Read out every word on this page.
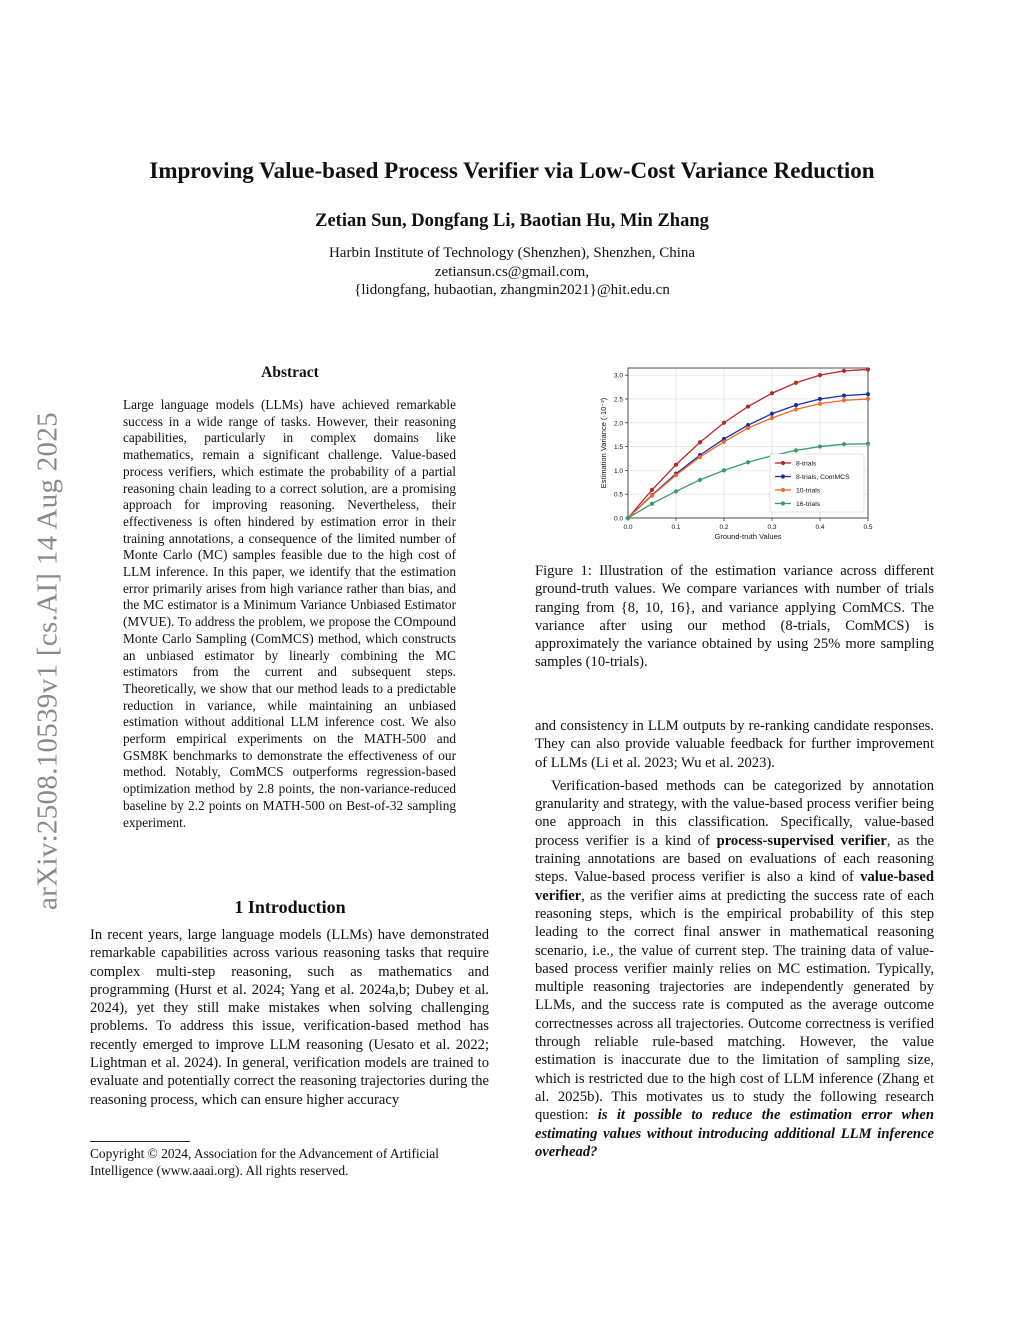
Improving Value-based Process Verifier via Low-Cost Variance Reduction
Zetian Sun, Dongfang Li, Baotian Hu, Min Zhang
Harbin Institute of Technology (Shenzhen), Shenzhen, China
zetiansun.cs@gmail.com,
{lidongfang, hubaotian, zhangmin2021}@hit.edu.cn
arXiv:2508.10539v1 [cs.AI] 14 Aug 2025
Abstract
Large language models (LLMs) have achieved remarkable success in a wide range of tasks. However, their reasoning capabilities, particularly in complex domains like mathematics, remain a significant challenge. Value-based process verifiers, which estimate the probability of a partial reasoning chain leading to a correct solution, are a promising approach for improving reasoning. Nevertheless, their effectiveness is often hindered by estimation error in their training annotations, a consequence of the limited number of Monte Carlo (MC) samples feasible due to the high cost of LLM inference. In this paper, we identify that the estimation error primarily arises from high variance rather than bias, and the MC estimator is a Minimum Variance Unbiased Estimator (MVUE). To address the problem, we propose the COmpound Monte Carlo Sampling (ComMCS) method, which constructs an unbiased estimator by linearly combining the MC estimators from the current and subsequent steps. Theoretically, we show that our method leads to a predictable reduction in variance, while maintaining an unbiased estimation without additional LLM inference cost. We also perform empirical experiments on the MATH-500 and GSM8K benchmarks to demonstrate the effectiveness of our method. Notably, ComMCS outperforms regression-based optimization method by 2.8 points, the non-variance-reduced baseline by 2.2 points on MATH-500 on Best-of-32 sampling experiment.
1 Introduction
In recent years, large language models (LLMs) have demonstrated remarkable capabilities across various reasoning tasks that require complex multi-step reasoning, such as mathematics and programming (Hurst et al. 2024; Yang et al. 2024a,b; Dubey et al. 2024), yet they still make mistakes when solving challenging problems. To address this issue, verification-based method has recently emerged to improve LLM reasoning (Uesato et al. 2022; Lightman et al. 2024). In general, verification models are trained to evaluate and potentially correct the reasoning trajectories during the reasoning process, which can ensure higher accuracy
Copyright © 2024, Association for the Advancement of Artificial Intelligence (www.aaai.org). All rights reserved.
0.0
0.5
1.0
1.5
2.0
2.5
3.0
0.0	0.1	0.2	0.3	0.4	0.5
Ground-truth Values
Estimation Variance (·10⁻²)	8-trials
8-trials, ComMCS
10-trials
16-trials
Figure 1: Illustration of the estimation variance across different ground-truth values. We compare variances with number of trials ranging from {8, 10, 16}, and variance applying ComMCS. The variance after using our method (8-trials, ComMCS) is approximately the variance obtained by using 25% more sampling samples (10-trials).

and consistency in LLM outputs by re-ranking candidate responses. They can also provide valuable feedback for further improvement of LLMs (Li et al. 2023; Wu et al. 2023).

Verification-based methods can be categorized by annotation granularity and strategy, with the value-based process verifier being one approach in this classification. Specifically, value-based process verifier is a kind of process-supervised verifier, as the training annotations are based on evaluations of each reasoning steps. Value-based process verifier is also a kind of value-based verifier, as the verifier aims at predicting the success rate of each reasoning steps, which is the empirical probability of this step leading to the correct final answer in mathematical reasoning scenario, i.e., the value of current step. The training data of value-based process verifier mainly relies on MC estimation. Typically, multiple reasoning trajectories are independently generated by LLMs, and the success rate is computed as the average outcome correctnesses across all trajectories. Outcome correctness is verified through reliable rule-based matching. However, the value estimation is inaccurate due to the limitation of sampling size, which is restricted due to the high cost of LLM inference (Zhang et al. 2025b). This motivates us to study the following research question: is it possible to reduce the estimation error when estimating values without introducing additional LLM inference overhead?
